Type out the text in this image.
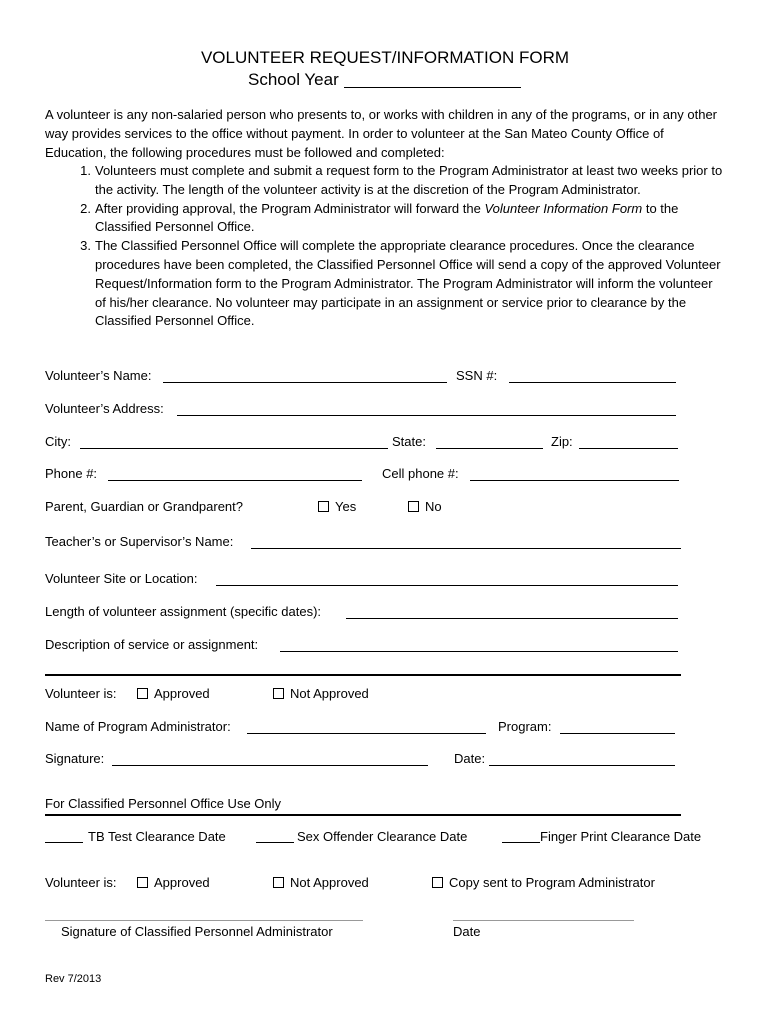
VOLUNTEER REQUEST/INFORMATION FORM
School Year

A volunteer is any non-salaried person who presents to, or works with children in any of the programs, or in any other way provides services to the office without payment. In order to volunteer at the San Mateo County Office of Education, the following procedures must be followed and completed:

1. Volunteers must complete and submit a request form to the Program Administrator at least two weeks prior to the activity. The length of the volunteer activity is at the discretion of the Program Administrator.
2. After providing approval, the Program Administrator will forward the Volunteer Information Form to the Classified Personnel Office.
3. The Classified Personnel Office will complete the appropriate clearance procedures. Once the clearance procedures have been completed, the Classified Personnel Office will send a copy of the approved Volunteer Request/Information form to the Program Administrator. The Program Administrator will inform the volunteer of his/her clearance. No volunteer may participate in an assignment or service prior to clearance by the Classified Personnel Office.
Volunteer’s Name:	SSN #:
Volunteer’s Address:
City:	State:	Zip:
Phone #:	Cell phone #:
Parent, Guardian or Grandparent?	Yes	No
Teacher’s or Supervisor’s Name:
Volunteer Site or Location:
Length of volunteer assignment (specific dates):
Description of service or assignment:
Volunteer is:	Approved	Not Approved
Name of Program Administrator:	Program:
Signature:	Date:
For Classified Personnel Office Use Only
TB Test Clearance Date	Sex Offender Clearance Date	Finger Print Clearance Date
Volunteer is:	Approved	Not Approved	Copy sent to Program Administrator
Signature of Classified Personnel Administrator	Date
Rev 7/2013
